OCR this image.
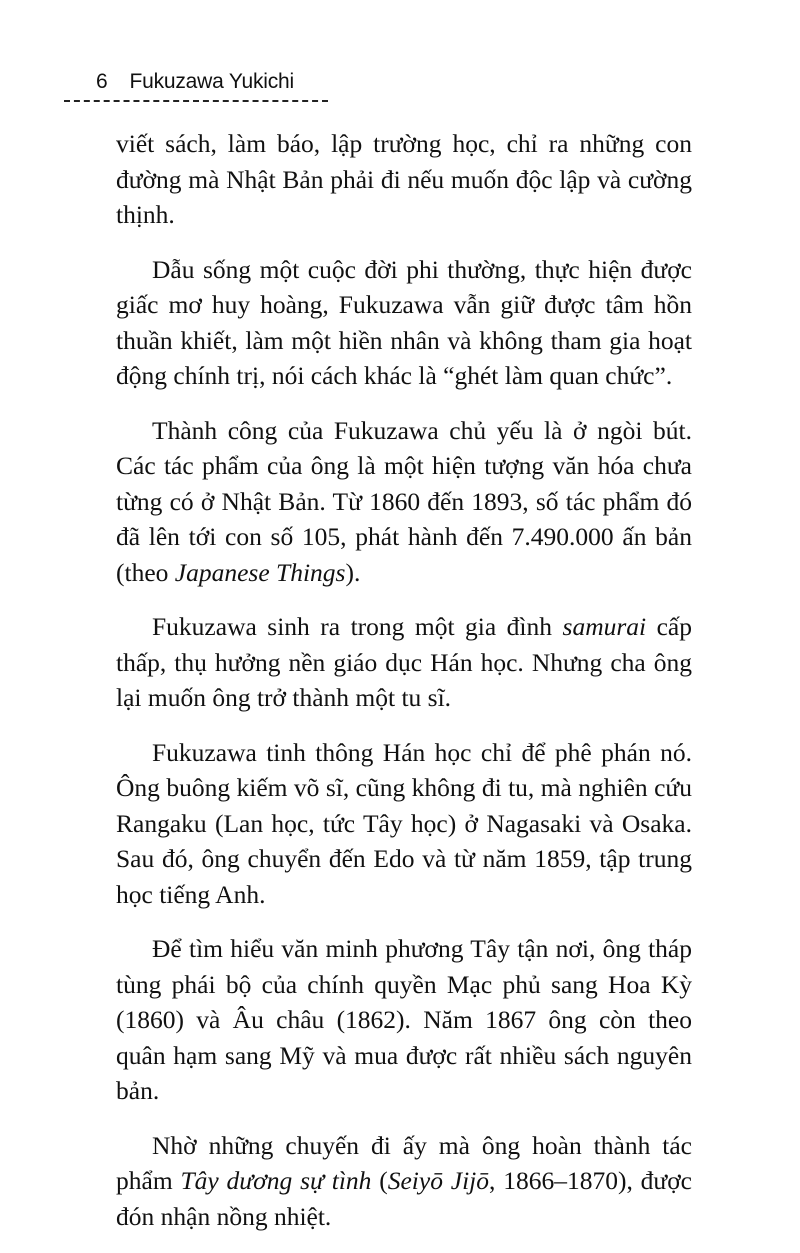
6 Fukuzawa Yukichi

viết sách, làm báo, lập trường học, chỉ ra những con đường mà Nhật Bản phải đi nếu muốn độc lập và cường thịnh.

Dẫu sống một cuộc đời phi thường, thực hiện được giấc mơ huy hoàng, Fukuzawa vẫn giữ được tâm hồn thuần khiết, làm một hiền nhân và không tham gia hoạt động chính trị, nói cách khác là “ghét làm quan chức”.

Thành công của Fukuzawa chủ yếu là ở ngòi bút. Các tác phẩm của ông là một hiện tượng văn hóa chưa từng có ở Nhật Bản. Từ 1860 đến 1893, số tác phẩm đó đã lên tới con số 105, phát hành đến 7.490.000 ấn bản (theo Japanese Things).

Fukuzawa sinh ra trong một gia đình samurai cấp thấp, thụ hưởng nền giáo dục Hán học. Nhưng cha ông lại muốn ông trở thành một tu sĩ.

Fukuzawa tinh thông Hán học chỉ để phê phán nó. Ông buông kiếm võ sĩ, cũng không đi tu, mà nghiên cứu Rangaku (Lan học, tức Tây học) ở Nagasaki và Osaka. Sau đó, ông chuyển đến Edo và từ năm 1859, tập trung học tiếng Anh.

Để tìm hiểu văn minh phương Tây tận nơi, ông tháp tùng phái bộ của chính quyền Mạc phủ sang Hoa Kỳ (1860) và Âu châu (1862). Năm 1867 ông còn theo quân hạm sang Mỹ và mua được rất nhiều sách nguyên bản.

Nhờ những chuyến đi ấy mà ông hoàn thành tác phẩm Tây dương sự tình (Seiyō Jijō, 1866–1870), được đón nhận nồng nhiệt.
